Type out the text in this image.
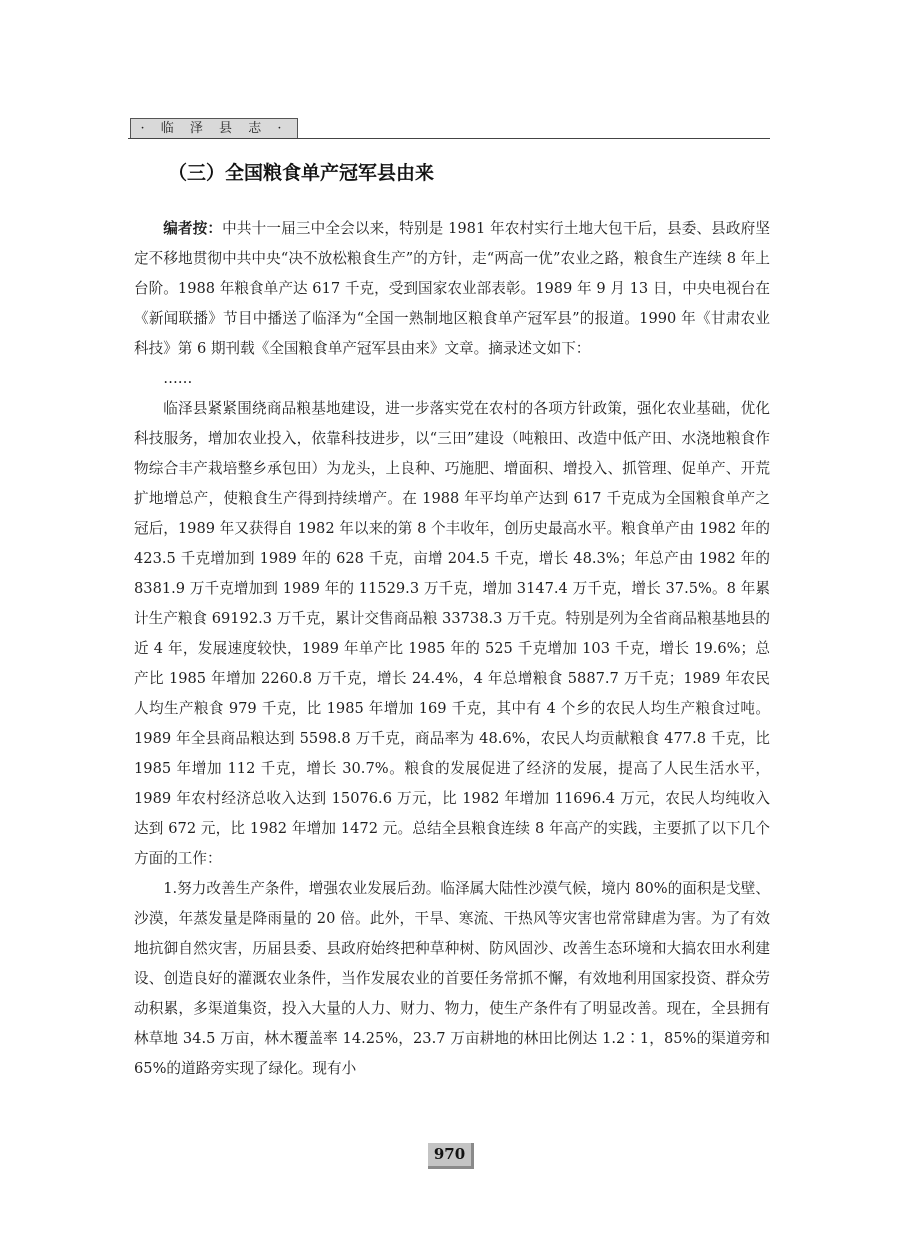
· 临 泽 县 志 ·
（三）全国粮食单产冠军县由来

编者按：中共十一届三中全会以来，特别是 1981 年农村实行土地大包干后，县委、县政府坚定不移地贯彻中共中央“决不放松粮食生产”的方针，走“两高一优”农业之路，粮食生产连续 8 年上台阶。1988 年粮食单产达 617 千克，受到国家农业部表彰。1989 年 9 月 13 日，中央电视台在《新闻联播》节目中播送了临泽为“全国一熟制地区粮食单产冠军县”的报道。1990 年《甘肃农业科技》第 6 期刊载《全国粮食单产冠军县由来》文章。摘录述文如下：

……

临泽县紧紧围绕商品粮基地建设，进一步落实党在农村的各项方针政策，强化农业基础，优化科技服务，增加农业投入，依靠科技进步，以“三田”建设（吨粮田、改造中低产田、水浇地粮食作物综合丰产栽培整乡承包田）为龙头，上良种、巧施肥、增面积、增投入、抓管理、促单产、开荒扩地增总产，使粮食生产得到持续增产。在 1988 年平均单产达到 617 千克成为全国粮食单产之冠后，1989 年又获得自 1982 年以来的第 8 个丰收年，创历史最高水平。粮食单产由 1982 年的 423.5 千克增加到 1989 年的 628 千克，亩增 204.5 千克，增长 48.3%；年总产由 1982 年的 8381.9 万千克增加到 1989 年的 11529.3 万千克，增加 3147.4 万千克，增长 37.5%。8 年累计生产粮食 69192.3 万千克，累计交售商品粮 33738.3 万千克。特别是列为全省商品粮基地县的近 4 年，发展速度较快，1989 年单产比 1985 年的 525 千克增加 103 千克，增长 19.6%；总产比 1985 年增加 2260.8 万千克，增长 24.4%，4 年总增粮食 5887.7 万千克；1989 年农民人均生产粮食 979 千克，比 1985 年增加 169 千克，其中有 4 个乡的农民人均生产粮食过吨。1989 年全县商品粮达到 5598.8 万千克，商品率为 48.6%，农民人均贡献粮食 477.8 千克，比 1985 年增加 112 千克，增长 30.7%。粮食的发展促进了经济的发展，提高了人民生活水平，1989 年农村经济总收入达到 15076.6 万元，比 1982 年增加 11696.4 万元，农民人均纯收入达到 672 元，比 1982 年增加 1472 元。总结全县粮食连续 8 年高产的实践，主要抓了以下几个方面的工作：

1.努力改善生产条件，增强农业发展后劲。临泽属大陆性沙漠气候，境内 80%的面积是戈壁、沙漠，年蒸发量是降雨量的 20 倍。此外，干旱、寒流、干热风等灾害也常常肆虐为害。为了有效地抗御自然灾害，历届县委、县政府始终把种草种树、防风固沙、改善生态环境和大搞农田水利建设、创造良好的灌溉农业条件，当作发展农业的首要任务常抓不懈，有效地利用国家投资、群众劳动积累，多渠道集资，投入大量的人力、财力、物力，使生产条件有了明显改善。现在，全县拥有林草地 34.5 万亩，林木覆盖率 14.25%，23.7 万亩耕地的林田比例达 1.2∶1，85%的渠道旁和 65%的道路旁实现了绿化。现有小

970
